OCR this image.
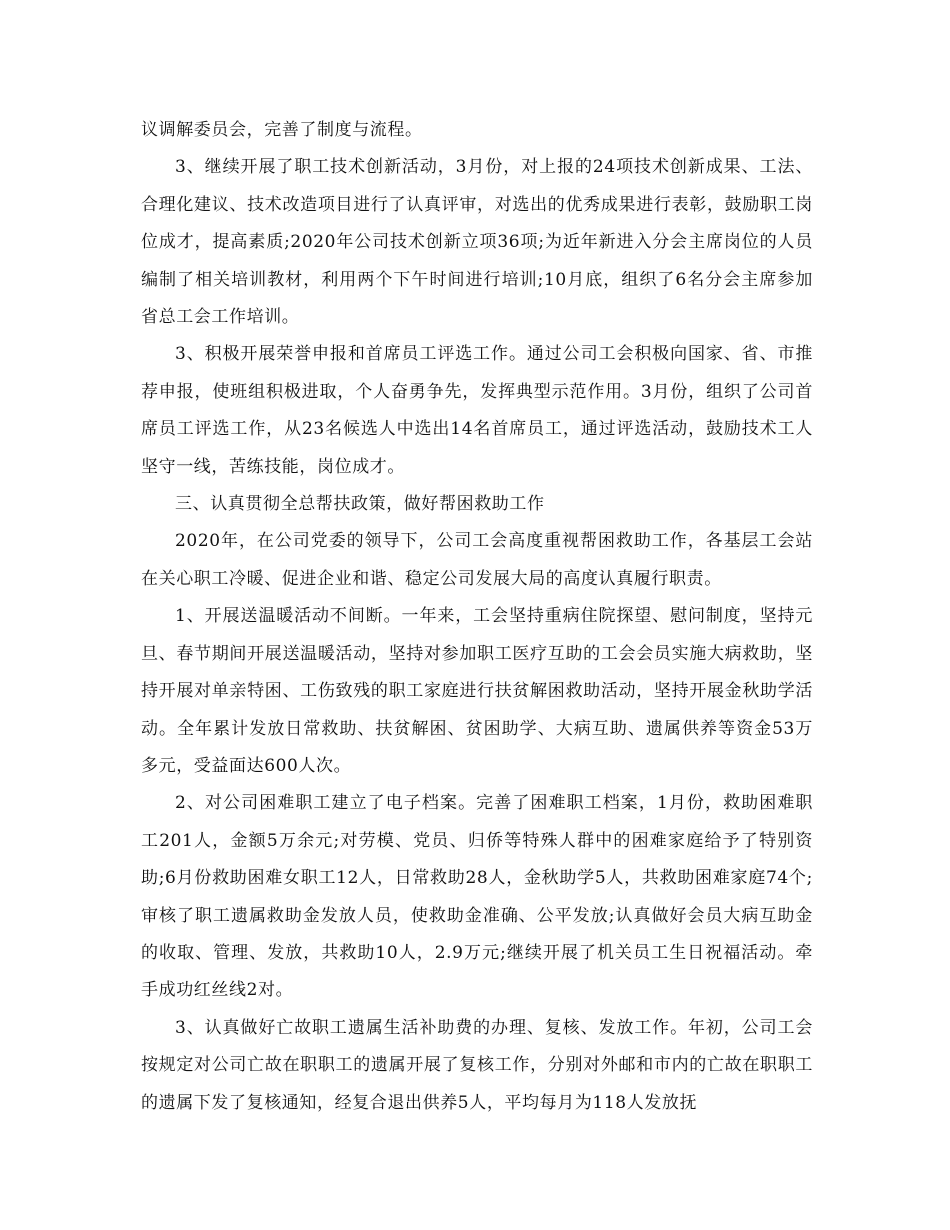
议调解委员会，完善了制度与流程。

3、继续开展了职工技术创新活动，3月份，对上报的24项技术创新成果、工法、合理化建议、技术改造项目进行了认真评审，对选出的优秀成果进行表彰，鼓励职工岗位成才，提高素质;2020年公司技术创新立项36项;为近年新进入分会主席岗位的人员编制了相关培训教材，利用两个下午时间进行培训;10月底，组织了6名分会主席参加省总工会工作培训。

3、积极开展荣誉申报和首席员工评选工作。通过公司工会积极向国家、省、市推荐申报，使班组积极进取，个人奋勇争先，发挥典型示范作用。3月份，组织了公司首席员工评选工作，从23名候选人中选出14名首席员工，通过评选活动，鼓励技术工人坚守一线，苦练技能，岗位成才。

三、认真贯彻全总帮扶政策，做好帮困救助工作

2020年，在公司党委的领导下，公司工会高度重视帮困救助工作，各基层工会站在关心职工冷暖、促进企业和谐、稳定公司发展大局的高度认真履行职责。

1、开展送温暖活动不间断。一年来，工会坚持重病住院探望、慰问制度，坚持元旦、春节期间开展送温暖活动，坚持对参加职工医疗互助的工会会员实施大病救助，坚持开展对单亲特困、工伤致残的职工家庭进行扶贫解困救助活动，坚持开展金秋助学活动。全年累计发放日常救助、扶贫解困、贫困助学、大病互助、遗属供养等资金53万多元，受益面达600人次。

2、对公司困难职工建立了电子档案。完善了困难职工档案，1月份，救助困难职工201人，金额5万余元;对劳模、党员、归侨等特殊人群中的困难家庭给予了特别资助;6月份救助困难女职工12人，日常救助28人，金秋助学5人，共救助困难家庭74个;审核了职工遗属救助金发放人员，使救助金准确、公平发放;认真做好会员大病互助金的收取、管理、发放，共救助10人，2.9万元;继续开展了机关员工生日祝福活动。牵手成功红丝线2对。

3、认真做好亡故职工遗属生活补助费的办理、复核、发放工作。年初，公司工会按规定对公司亡故在职职工的遗属开展了复核工作，分别对外邮和市内的亡故在职职工的遗属下发了复核通知，经复合退出供养5人，平均每月为118人发放抚
